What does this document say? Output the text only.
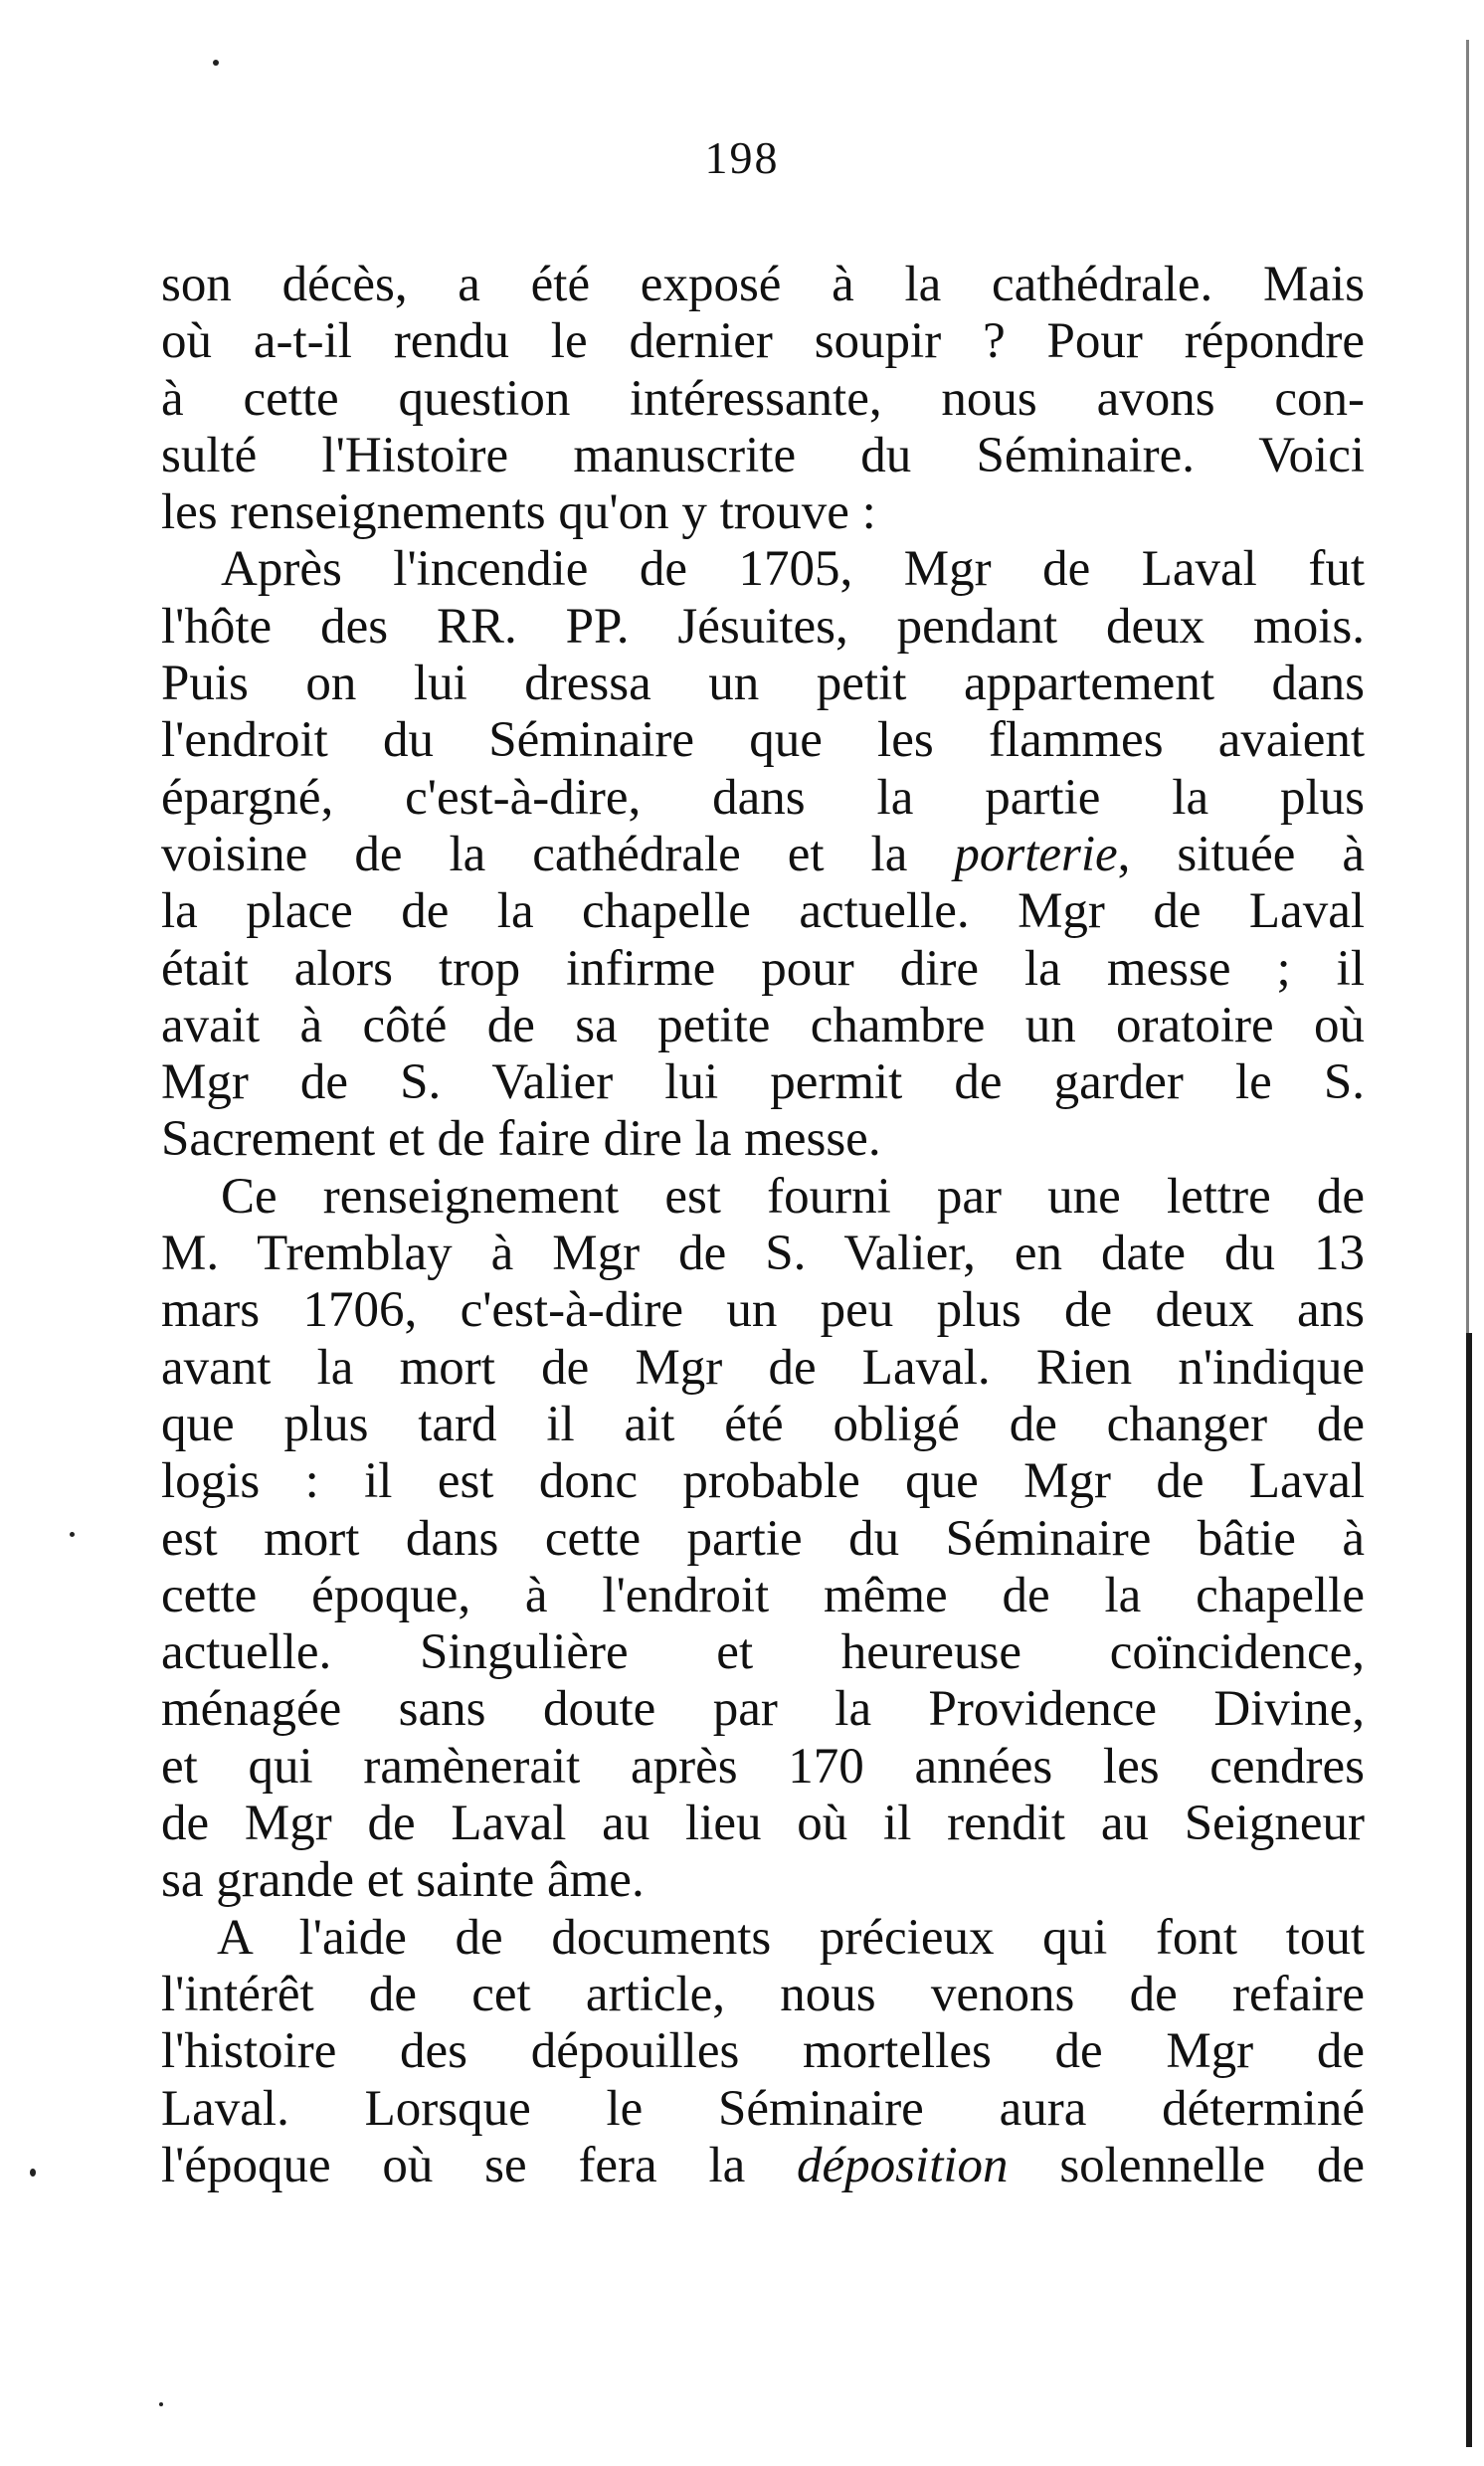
198
son décès, a été exposé à la cathédrale. Mais
où a-t-il rendu le dernier soupir ? Pour répondre
à cette question intéressante, nous avons con-
sulté l'Histoire manuscrite du Séminaire. Voici
les renseignements qu'on y trouve :
Après l'incendie de 1705, Mgr de Laval fut
l'hôte des RR. PP. Jésuites, pendant deux mois.
Puis on lui dressa un petit appartement dans
l'endroit du Séminaire que les flammes avaient
épargné, c'est-à-dire, dans la partie la plus
voisine de la cathédrale et la porterie, située à
la place de la chapelle actuelle. Mgr de Laval
était alors trop infirme pour dire la messe ; il
avait à côté de sa petite chambre un oratoire où
Mgr de S. Valier lui permit de garder le S.
Sacrement et de faire dire la messe.
Ce renseignement est fourni par une lettre de
M. Tremblay à Mgr de S. Valier, en date du 13
mars 1706, c'est-à-dire un peu plus de deux ans
avant la mort de Mgr de Laval. Rien n'indique
que plus tard il ait été obligé de changer de
logis : il est donc probable que Mgr de Laval
est mort dans cette partie du Séminaire bâtie à
cette époque, à l'endroit même de la chapelle
actuelle. Singulière et heureuse coïncidence,
ménagée sans doute par la Providence Divine,
et qui ramènerait après 170 années les cendres
de Mgr de Laval au lieu où il rendit au Seigneur
sa grande et sainte âme.
A l'aide de documents précieux qui font tout
l'intérêt de cet article, nous venons de refaire
l'histoire des dépouilles mortelles de Mgr de
Laval. Lorsque le Séminaire aura déterminé
l'époque où se fera la déposition solennelle de
